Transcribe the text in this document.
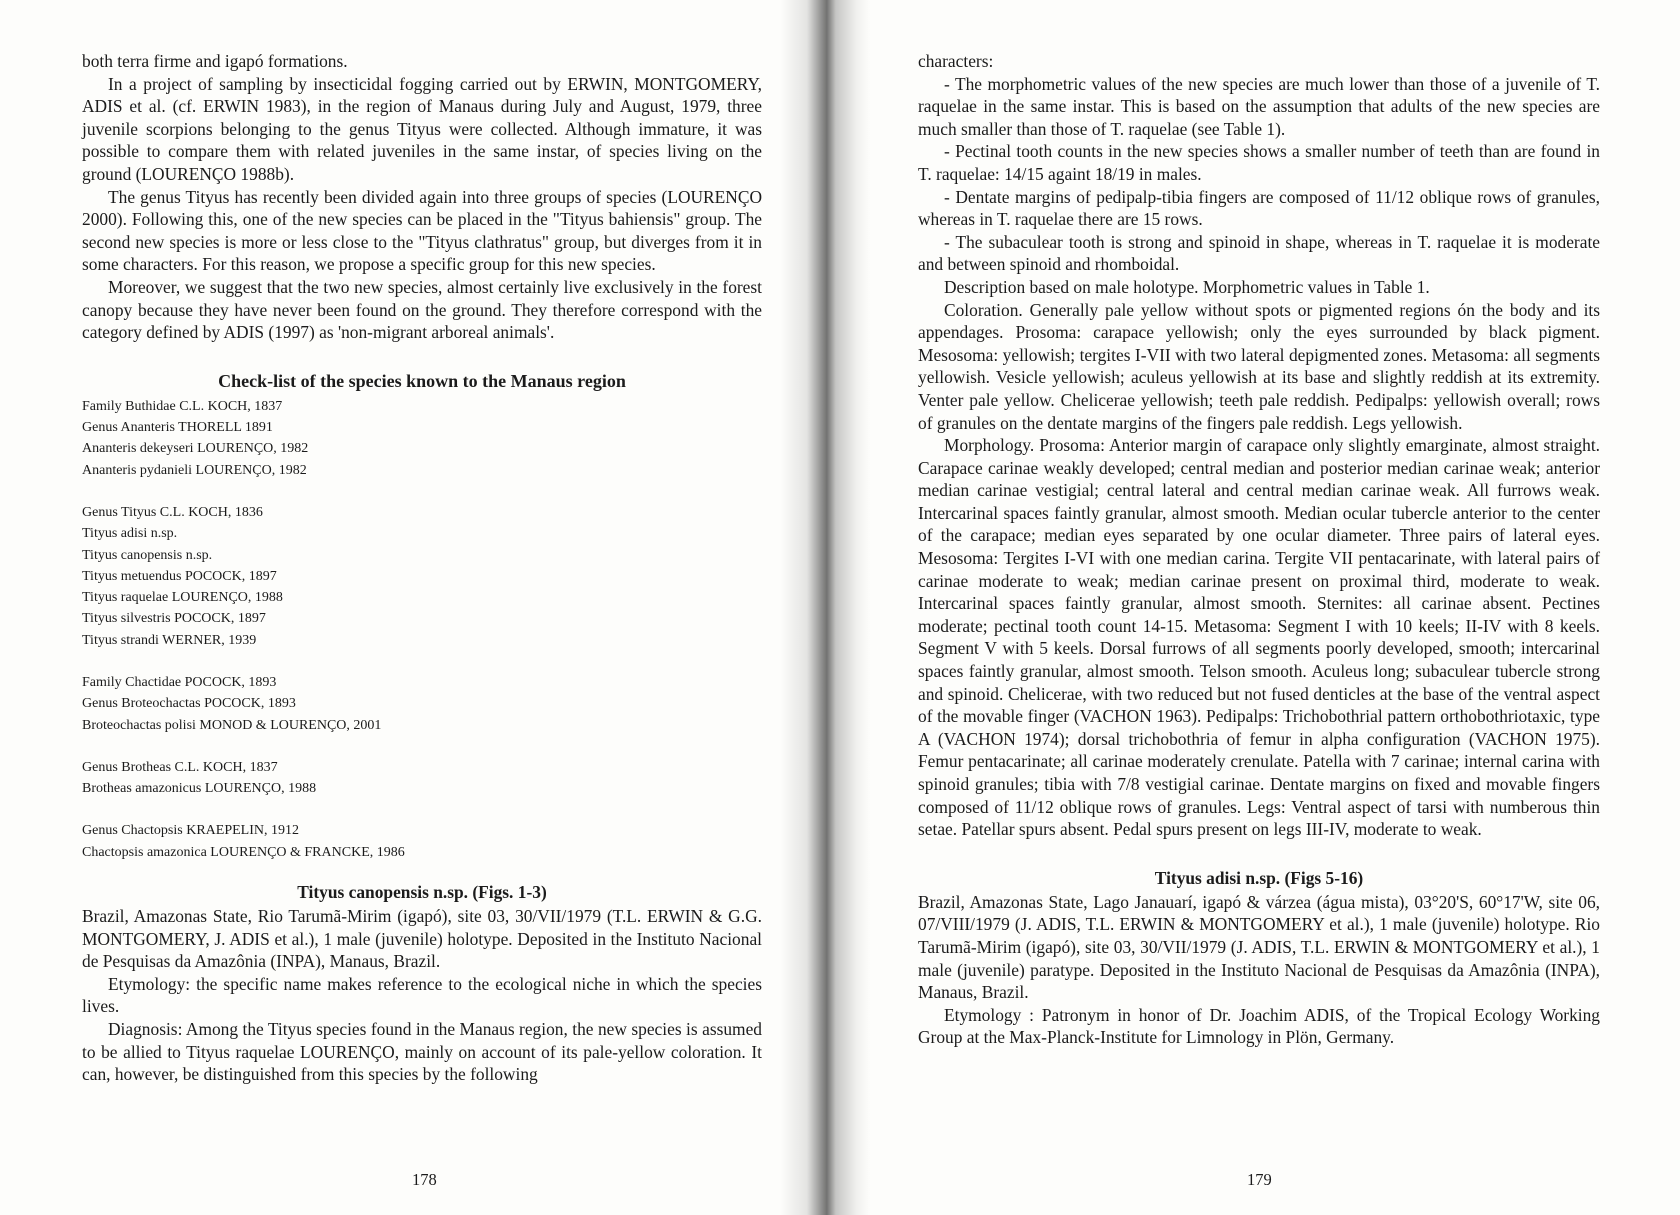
both terra firme and igapó formations.

In a project of sampling by insecticidal fogging carried out by ERWIN, MONTGOMERY, ADIS et al. (cf. ERWIN 1983), in the region of Manaus during July and August, 1979, three juvenile scorpions belonging to the genus Tityus were collected. Although immature, it was possible to compare them with related juveniles in the same instar, of species living on the ground (LOURENÇO 1988b).

The genus Tityus has recently been divided again into three groups of species (LOURENÇO 2000). Following this, one of the new species can be placed in the "Tityus bahiensis" group. The second new species is more or less close to the "Tityus clathratus" group, but diverges from it in some characters. For this reason, we propose a specific group for this new species.

Moreover, we suggest that the two new species, almost certainly live exclusively in the forest canopy because they have never been found on the ground. They therefore correspond with the category defined by ADIS (1997) as 'non-migrant arboreal animals'.

Check-list of the species known to the Manaus region
Family Buthidae C.L. KOCH, 1837
Genus Ananteris THORELL 1891
Ananteris dekeyseri LOURENÇO, 1982
Ananteris pydanieli LOURENÇO, 1982
Genus Tityus C.L. KOCH, 1836
Tityus adisi n.sp.
Tityus canopensis n.sp.
Tityus metuendus POCOCK, 1897
Tityus raquelae LOURENÇO, 1988
Tityus silvestris POCOCK, 1897
Tityus strandi WERNER, 1939
Family Chactidae POCOCK, 1893
Genus Broteochactas POCOCK, 1893
Broteochactas polisi MONOD & LOURENÇO, 2001
Genus Brotheas C.L. KOCH, 1837
Brotheas amazonicus LOURENÇO, 1988
Genus Chactopsis KRAEPELIN, 1912
Chactopsis amazonica LOURENÇO & FRANCKE, 1986
Tityus canopensis n.sp. (Figs. 1-3)

Brazil, Amazonas State, Rio Tarumã-Mirim (igapó), site 03, 30/VII/1979 (T.L. ERWIN & G.G. MONTGOMERY, J. ADIS et al.), 1 male (juvenile) holotype. Deposited in the Instituto Nacional de Pesquisas da Amazônia (INPA), Manaus, Brazil.

Etymology: the specific name makes reference to the ecological niche in which the species lives.

Diagnosis: Among the Tityus species found in the Manaus region, the new species is assumed to be allied to Tityus raquelae LOURENÇO, mainly on account of its pale-yellow coloration. It can, however, be distinguished from this species by the following

178

characters:

- The morphometric values of the new species are much lower than those of a juvenile of T. raquelae in the same instar. This is based on the assumption that adults of the new species are much smaller than those of T. raquelae (see Table 1).

- Pectinal tooth counts in the new species shows a smaller number of teeth than are found in T. raquelae: 14/15 againt 18/19 in males.

- Dentate margins of pedipalp-tibia fingers are composed of 11/12 oblique rows of granules, whereas in T. raquelae there are 15 rows.

- The subaculear tooth is strong and spinoid in shape, whereas in T. raquelae it is moderate and between spinoid and rhomboidal.

Description based on male holotype. Morphometric values in Table 1.

Coloration. Generally pale yellow without spots or pigmented regions ón the body and its appendages. Prosoma: carapace yellowish; only the eyes surrounded by black pigment. Mesosoma: yellowish; tergites I-VII with two lateral depigmented zones. Metasoma: all segments yellowish. Vesicle yellowish; aculeus yellowish at its base and slightly reddish at its extremity. Venter pale yellow. Chelicerae yellowish; teeth pale reddish. Pedipalps: yellowish overall; rows of granules on the dentate margins of the fingers pale reddish. Legs yellowish.

Morphology. Prosoma: Anterior margin of carapace only slightly emarginate, almost straight. Carapace carinae weakly developed; central median and posterior median carinae weak; anterior median carinae vestigial; central lateral and central median carinae weak. All furrows weak. Intercarinal spaces faintly granular, almost smooth. Median ocular tubercle anterior to the center of the carapace; median eyes separated by one ocular diameter. Three pairs of lateral eyes. Mesosoma: Tergites I-VI with one median carina. Tergite VII pentacarinate, with lateral pairs of carinae moderate to weak; median carinae present on proximal third, moderate to weak. Intercarinal spaces faintly granular, almost smooth. Sternites: all carinae absent. Pectines moderate; pectinal tooth count 14-15. Metasoma: Segment I with 10 keels; II-IV with 8 keels. Segment V with 5 keels. Dorsal furrows of all segments poorly developed, smooth; intercarinal spaces faintly granular, almost smooth. Telson smooth. Aculeus long; subaculear tubercle strong and spinoid. Chelicerae, with two reduced but not fused denticles at the base of the ventral aspect of the movable finger (VACHON 1963). Pedipalps: Trichobothrial pattern orthobothriotaxic, type A (VACHON 1974); dorsal trichobothria of femur in alpha configuration (VACHON 1975). Femur pentacarinate; all carinae moderately crenulate. Patella with 7 carinae; internal carina with spinoid granules; tibia with 7/8 vestigial carinae. Dentate margins on fixed and movable fingers composed of 11/12 oblique rows of granules. Legs: Ventral aspect of tarsi with numberous thin setae. Patellar spurs absent. Pedal spurs present on legs III-IV, moderate to weak.

Tityus adisi n.sp. (Figs 5-16)

Brazil, Amazonas State, Lago Janauarí, igapó & várzea (água mista), 03°20'S, 60°17'W, site 06, 07/VIII/1979 (J. ADIS, T.L. ERWIN & MONTGOMERY et al.), 1 male (juvenile) holotype. Rio Tarumã-Mirim (igapó), site 03, 30/VII/1979 (J. ADIS, T.L. ERWIN & MONTGOMERY et al.), 1 male (juvenile) paratype. Deposited in the Instituto Nacional de Pesquisas da Amazônia (INPA), Manaus, Brazil.

Etymology : Patronym in honor of Dr. Joachim ADIS, of the Tropical Ecology Working Group at the Max-Planck-Institute for Limnology in Plön, Germany.

179
